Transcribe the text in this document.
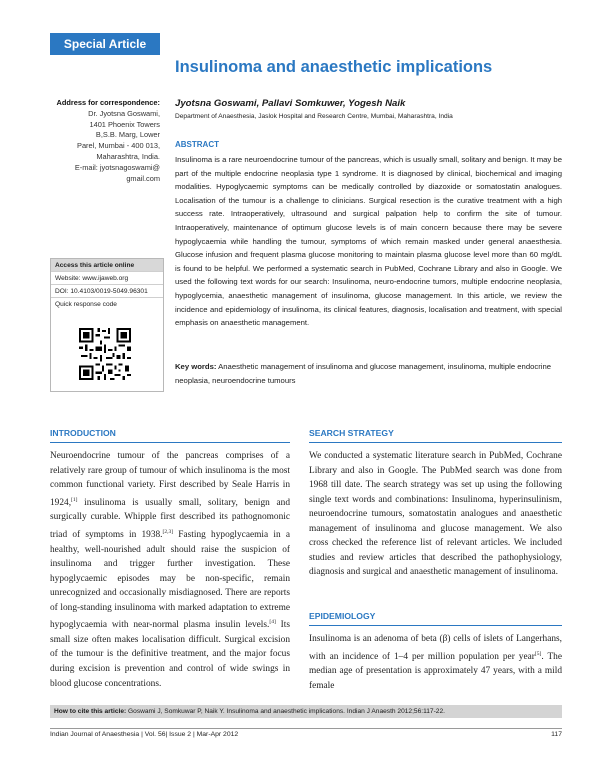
Special Article
Insulinoma and anaesthetic implications
Address for correspondence:
Dr. Jyotsna Goswami,
1401 Phoenix Towers
B,S.B. Marg, Lower
Parel, Mumbai - 400 013,
Maharashtra, India.
E-mail: jyotsnagoswami@
gmail.com
Access this article online
Website: www.ijaweb.org
DOI: 10.4103/0019-5049.96301
Quick response code
Jyotsna Goswami, Pallavi Somkuwer, Yogesh Naik
Department of Anaesthesia, Jaslok Hospital and Research Centre, Mumbai, Maharashtra, India
ABSTRACT
Insulinoma is a rare neuroendocrine tumour of the pancreas, which is usually small, solitary and benign. It may be part of the multiple endocrine neoplasia type 1 syndrome. It is diagnosed by clinical, biochemical and imaging modalities. Hypoglycaemic symptoms can be medically controlled by diazoxide or somatostatin analogues. Localisation of the tumour is a challenge to clinicians. Surgical resection is the curative treatment with a high success rate. Intraoperatively, ultrasound and surgical palpation help to confirm the site of tumour. Intraoperatively, maintenance of optimum glucose levels is of main concern because there may be severe hypoglycaemia while handling the tumour, symptoms of which remain masked under general anaesthesia. Glucose infusion and frequent plasma glucose monitoring to maintain plasma glucose level more than 60 mg/dL is found to be helpful. We performed a systematic search in PubMed, Cochrane Library and also in Google. We used the following text words for our search: Insulinoma, neuro-endocrine tumors, multiple endocrine neoplasia, hypoglycemia, anaesthetic management of insulinoma, glucose management. In this article, we review the incidence and epidemiology of insulinoma, its clinical features, diagnosis, localisation and treatment, with special emphasis on anaesthetic management.
Key words: Anaesthetic management of insulinoma and glucose management, insulinoma, multiple endocrine neoplasia, neuroendocrine tumours
INTRODUCTION
Neuroendocrine tumour of the pancreas comprises of a relatively rare group of tumour of which insulinoma is the most common functional variety. First described by Seale Harris in 1924,[1] insulinoma is usually small, solitary, benign and surgically curable. Whipple first described its pathognomonic triad of symptoms in 1938.[2,3] Fasting hypoglycaemia in a healthy, well-nourished adult should raise the suspicion of insulinoma and trigger further investigation. These hypoglycaemic episodes may be non-specific, remain unrecognized and occasionally misdiagnosed. There are reports of long-standing insulinoma with marked adaptation to extreme hypoglycaemia with near-normal plasma insulin levels.[4] Its small size often makes localisation difficult. Surgical excision of the tumour is the definitive treatment, and the major focus during excision is prevention and control of wide swings in blood glucose concentrations.
SEARCH STRATEGY
We conducted a systematic literature search in PubMed, Cochrane Library and also in Google. The PubMed search was done from 1968 till date. The search strategy was set up using the following single text words and combinations: Insulinoma, hyperinsulinism, neuroendocrine tumours, somatostatin analogues and anaesthetic management of insulinoma and glucose management. We also cross checked the reference list of relevant articles. We included studies and review articles that described the pathophysiology, diagnosis and surgical and anaesthetic management of insulinoma.
EPIDEMIOLOGY
Insulinoma is an adenoma of beta (β) cells of islets of Langerhans, with an incidence of 1–4 per million population per year[5]. The median age of presentation is approximately 47 years, with a mild female
How to cite this article: Goswami J, Somkuwar P, Naik Y. Insulinoma and anaesthetic implications. Indian J Anaesth 2012;56:117-22.
Indian Journal of Anaesthesia | Vol. 56| Issue 2 | Mar-Apr 2012	117
